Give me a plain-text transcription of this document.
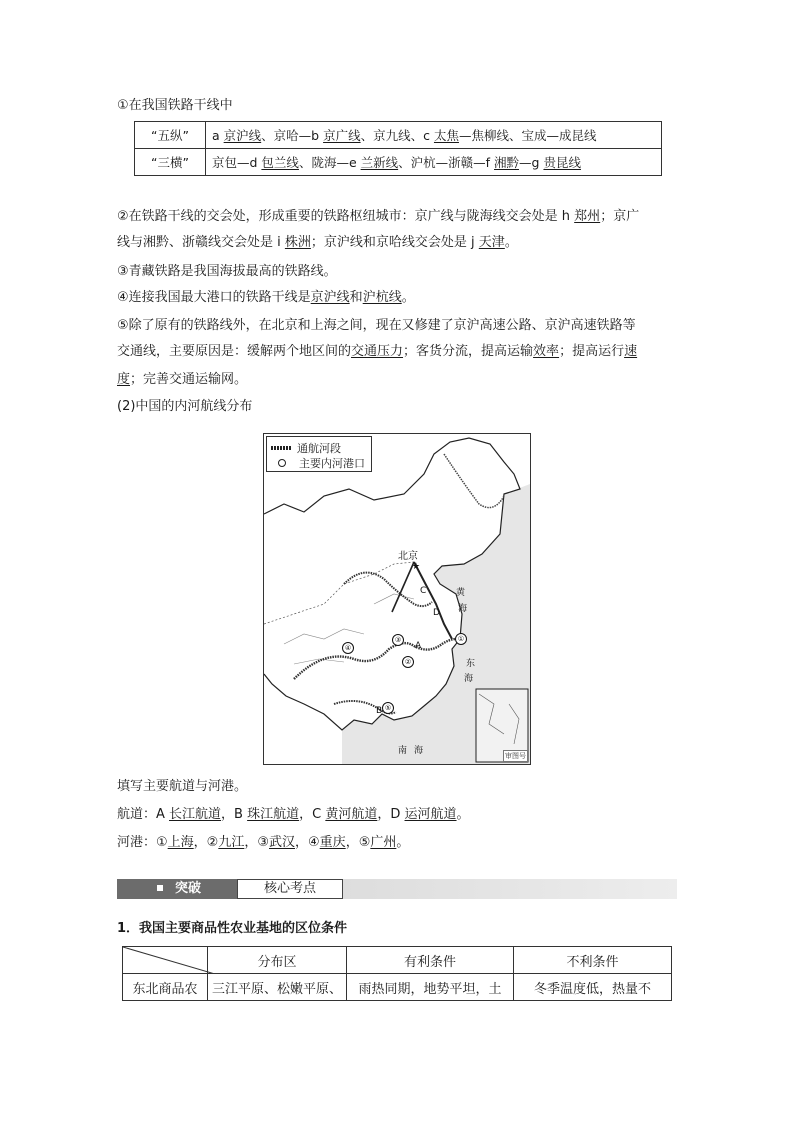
①在我国铁路干线中
“五纵”	a 京沪线、京哈—b 京广线、京九线、c 太焦—焦柳线、宝成—成昆线
“三横”	京包—d 包兰线、陇海—e 兰新线、沪杭—浙赣—f 湘黔—g 贵昆线
②在铁路干线的交会处，形成重要的铁路枢纽城市：京广线与陇海线交会处是 h 郑州；京广
线与湘黔、浙赣线交会处是 i 株洲；京沪线和京哈线交会处是 j 天津。
③青藏铁路是我国海拔最高的铁路线。
④连接我国最大港口的铁路干线是京沪线和沪杭线。
⑤除了原有的铁路线外，在北京和上海之间，现在又修建了京沪高速公路、京沪高速铁路等
交通线，主要原因是：缓解两个地区间的交通压力；客货分流，提高运输效率；提高运行速
度；完善交通运输网。
(2)中国的内河航线分布
通航河段
主要内河港口
北京
★
C
D
A
B
①
②
③
④
⑤
黄
海
东
海
南 海	审图号
填写主要航道与河港。
航道：A 长江航道，B 珠江航道，C 黄河航道，D 运河航道。
河港：①上海，②九江，③武汉，④重庆，⑤广州。
突破	核心考点
1．我国主要商品性农业基地的区位条件
	分布区	有利条件	不利条件
东北商品农	三江平原、松嫩平原、	雨热同期，地势平坦，土	冬季温度低，热量不
